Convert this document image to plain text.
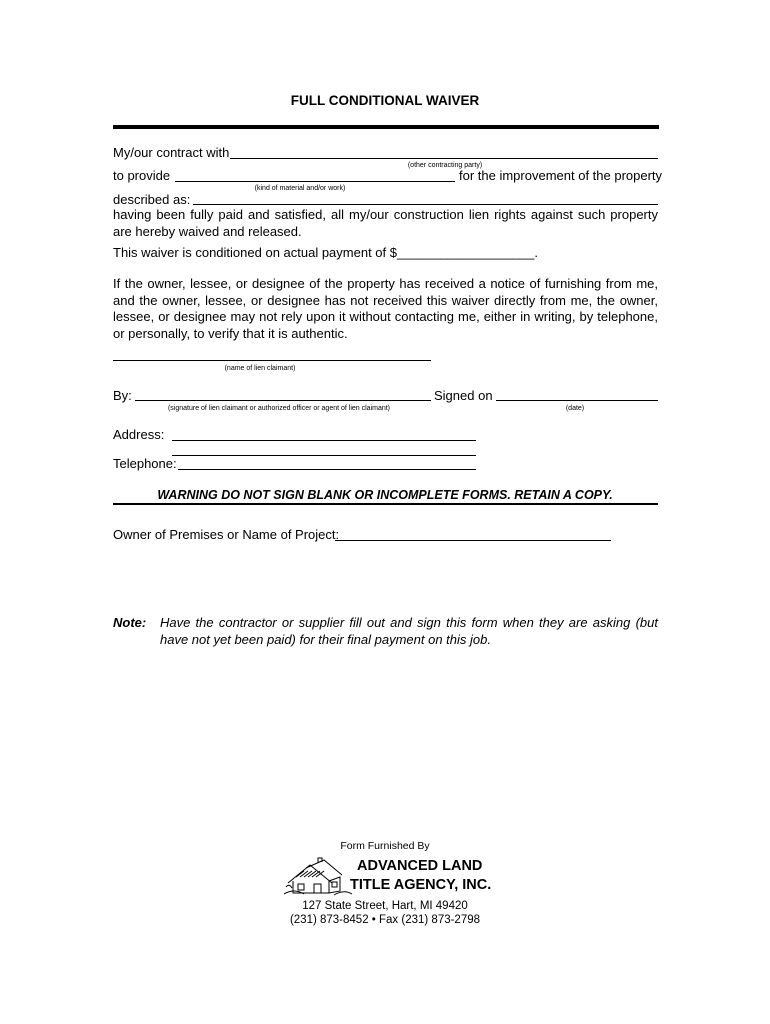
FULL CONDITIONAL WAIVER
My/our contract with
(other contracting party)
to provide	for the improvement of the property
(kind of material and/or work)
described as:
having been fully paid and satisfied, all my/our construction lien rights against such property are hereby waived and released.
This waiver is conditioned on actual payment of $___________________.
If the owner, lessee, or designee of the property has received a notice of furnishing from me, and the owner, lessee, or designee has not received this waiver directly from me, the owner, lessee, or designee may not rely upon it without contacting me, either in writing, by telephone, or personally, to verify that it is authentic.
(name of lien claimant)
By:	Signed on
(signature of lien claimant or authorized officer or agent of lien claimant)	(date)
Address:
Telephone:
WARNING DO NOT SIGN BLANK OR INCOMPLETE FORMS. RETAIN A COPY.
Owner of Premises or Name of Project:
Note: Have the contractor or supplier fill out and sign this form when they are asking (but have not yet been paid) for their final payment on this job.
Form Furnished By
ADVANCED LAND
TITLE AGENCY, INC.
127 State Street, Hart, MI 49420
(231) 873-8452 • Fax (231) 873-2798
